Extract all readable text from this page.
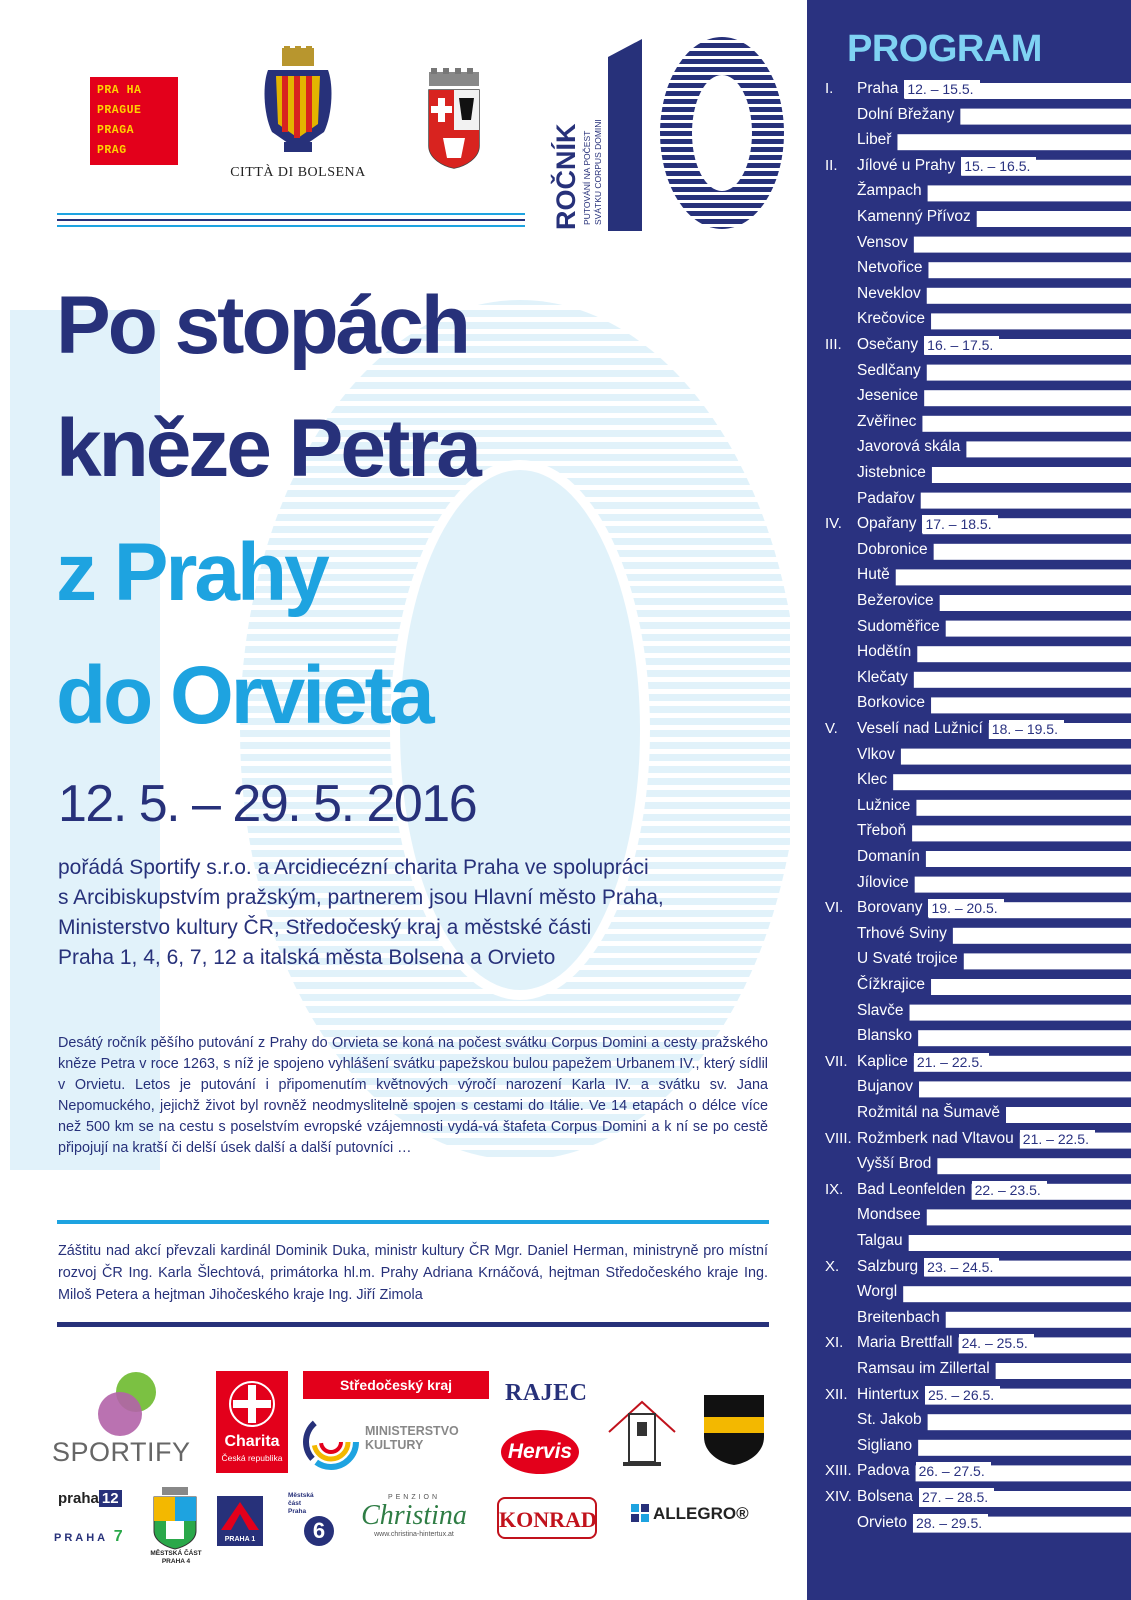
PRA HA
PRAGUE
PRAGA
PRAG
CITTÀ DI BOLSENA	ROČNÍK PUTOVÁNÍ NA POČEST SVÁTKU CORPUS DOMINI
Po stopách
kněze Petra
z Prahy
do Orvieta
12. 5. – 29. 5. 2016
pořádá Sportify s.r.o. a Arcidiecézní charita Praha ve spolupráci
s Arcibiskupstvím pražským, partnerem jsou Hlavní město Praha,
Ministerstvo kultury ČR, Středočeský kraj a městské části
Praha 1, 4, 6, 7, 12 a italská města Bolsena a Orvieto
Desátý ročník pěšího putování z Prahy do Orvieta se koná na počest svátku Corpus Domini a cesty pražského kněze Petra v roce 1263, s níž je spojeno vyhlášení svátku papežskou bulou papežem Urbanem IV., který sídlil v Orvietu. Letos je putování i připomenutím květnových výročí narození Karla IV. a svátku sv. Jana Nepomuckého, jejichž život byl rovněž neodmyslitelně spojen s cestami do Itálie. Ve 14 etapách o délce více než 500 km se na cestu s poselstvím evropské vzájemnosti vydá-vá štafeta Corpus Domini a k ní se po cestě připojují na kratší či delší úsek další a další putovníci …
Záštitu nad akcí převzali kardinál Dominik Duka, ministr kultury ČR Mgr. Daniel Herman, ministryně pro místní rozvoj ČR Ing. Karla Šlechtová, primátorka hl.m. Prahy Adriana Krnáčová, hejtman Středočeského kraje Ing. Miloš Petera a hejtman Jihočeského kraje Ing. Jiří Zimola
SPORTIFY	Charita
Česká republika
Středočeský kraj
MINISTERSTVO KULTURY
RAJEC
Hervis
praha 12
PRAHA 7
MĚSTSKÁ ČÁST PRAHA 4
PRAHA 1
Městská část Praha
6
PENZION
Christina
www.christina-hintertux.at
KONRAD	ALLEGRO®
PROGRAM
I. Praha 12. – 15.5.
Dolní Břežany
Libeř
II. Jílové u Prahy 15. – 16.5.
Žampach
Kamenný Přívoz
Vensov
Netvořice
Neveklov
Krečovice
III. Osečany 16. – 17.5.
Sedlčany
Jesenice
Zvěřinec
Javorová skála
Jistebnice
Padařov
IV. Opařany 17. – 18.5.
Dobronice
Hutě
Bežerovice
Sudoměřice
Hodětín
Klečaty
Borkovice
V. Veselí nad Lužnicí 18. – 19.5.
Vlkov
Klec
Lužnice
Třeboň
Domanín
Jílovice
VI. Borovany 19. – 20.5.
Trhové Sviny
U Svaté trojice
Čížkrajice
Slavče
Blansko
VII. Kaplice 21. – 22.5.
Bujanov
Rožmitál na Šumavě
VIII. Rožmberk nad Vltavou 21. – 22.5.
Vyšší Brod
IX. Bad Leonfelden 22. – 23.5.
Mondsee
Talgau
X. Salzburg 23. – 24.5.
Worgl
Breitenbach
XI. Maria Brettfall 24. – 25.5.
Ramsau im Zillertal
XII. Hintertux 25. – 26.5.
St. Jakob
Sigliano
XIII. Padova 26. – 27.5.
XIV. Bolsena 27. – 28.5.
Orvieto 28. – 29.5.
